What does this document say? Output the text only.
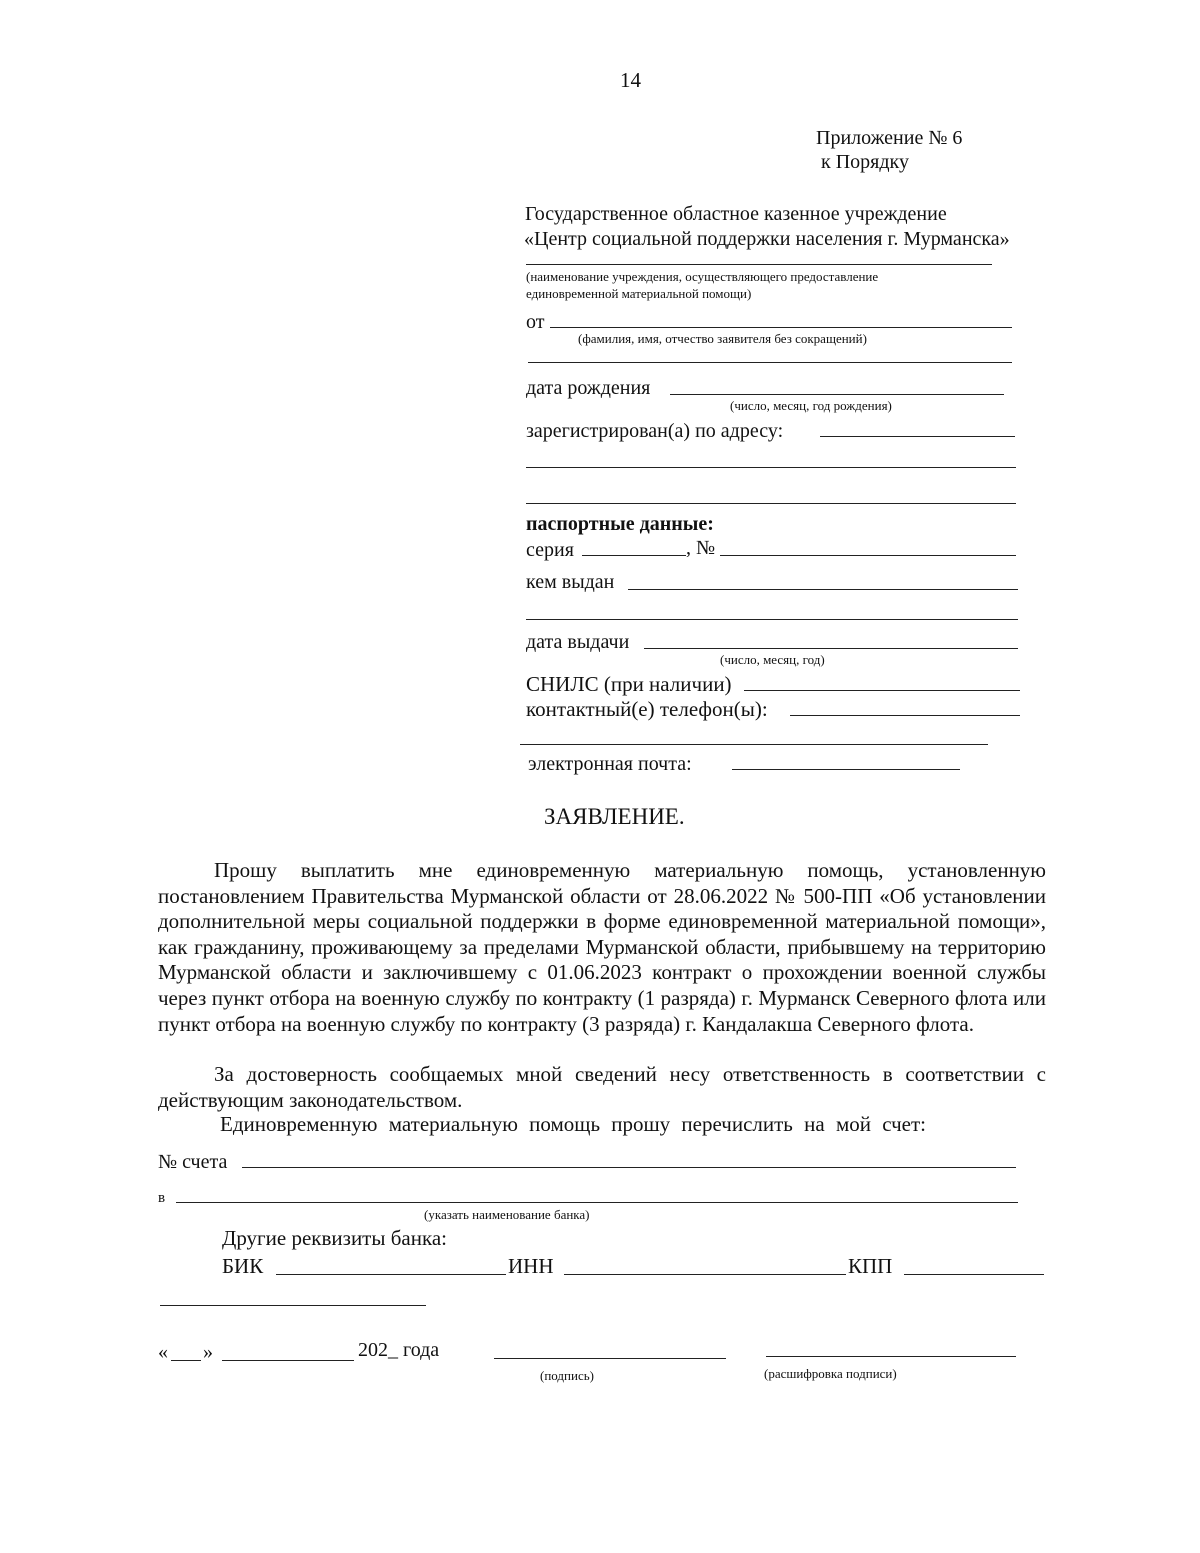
14
Приложение № 6
к Порядку
Государственное областное казенное учреждение
«Центр социальной поддержки населения г. Мурманска»
(наименование учреждения, осуществляющего предоставление
единовременной материальной помощи)
от
(фамилия, имя, отчество заявителя без сокращений)
дата рождения
(число, месяц, год рождения)
зарегистрирован(а) по адресу:
паспортные данные:
серия	, №
кем выдан
дата выдачи
(число, месяц, год)
СНИЛС (при наличии)
контактный(е) телефон(ы):
электронная почта:
ЗАЯВЛЕНИЕ.
Прошу выплатить мне единовременную материальную помощь, установленную постановлением Правительства Мурманской области от 28.06.2022 № 500-ПП «Об установлении дополнительной меры социальной поддержки в форме единовременной материальной помощи», как гражданину, проживающему за пределами Мурманской области, прибывшему на территорию Мурманской области и заключившему с 01.06.2023 контракт о прохождении военной службы через пункт отбора на военную службу по контракту (1 разряда) г. Мурманск Северного флота или пункт отбора на военную службу по контракту (3 разряда) г. Кандалакша Северного флота.
За достоверность сообщаемых мной сведений несу ответственность в соответствии с действующим законодательством.
Единовременную материальную помощь прошу перечислить на мой счет:
№ счета
в
(указать наименование банка)
Другие реквизиты банка:
БИК	ИНН	КПП
« »	202_ года
(подпись)	(расшифровка подписи)
